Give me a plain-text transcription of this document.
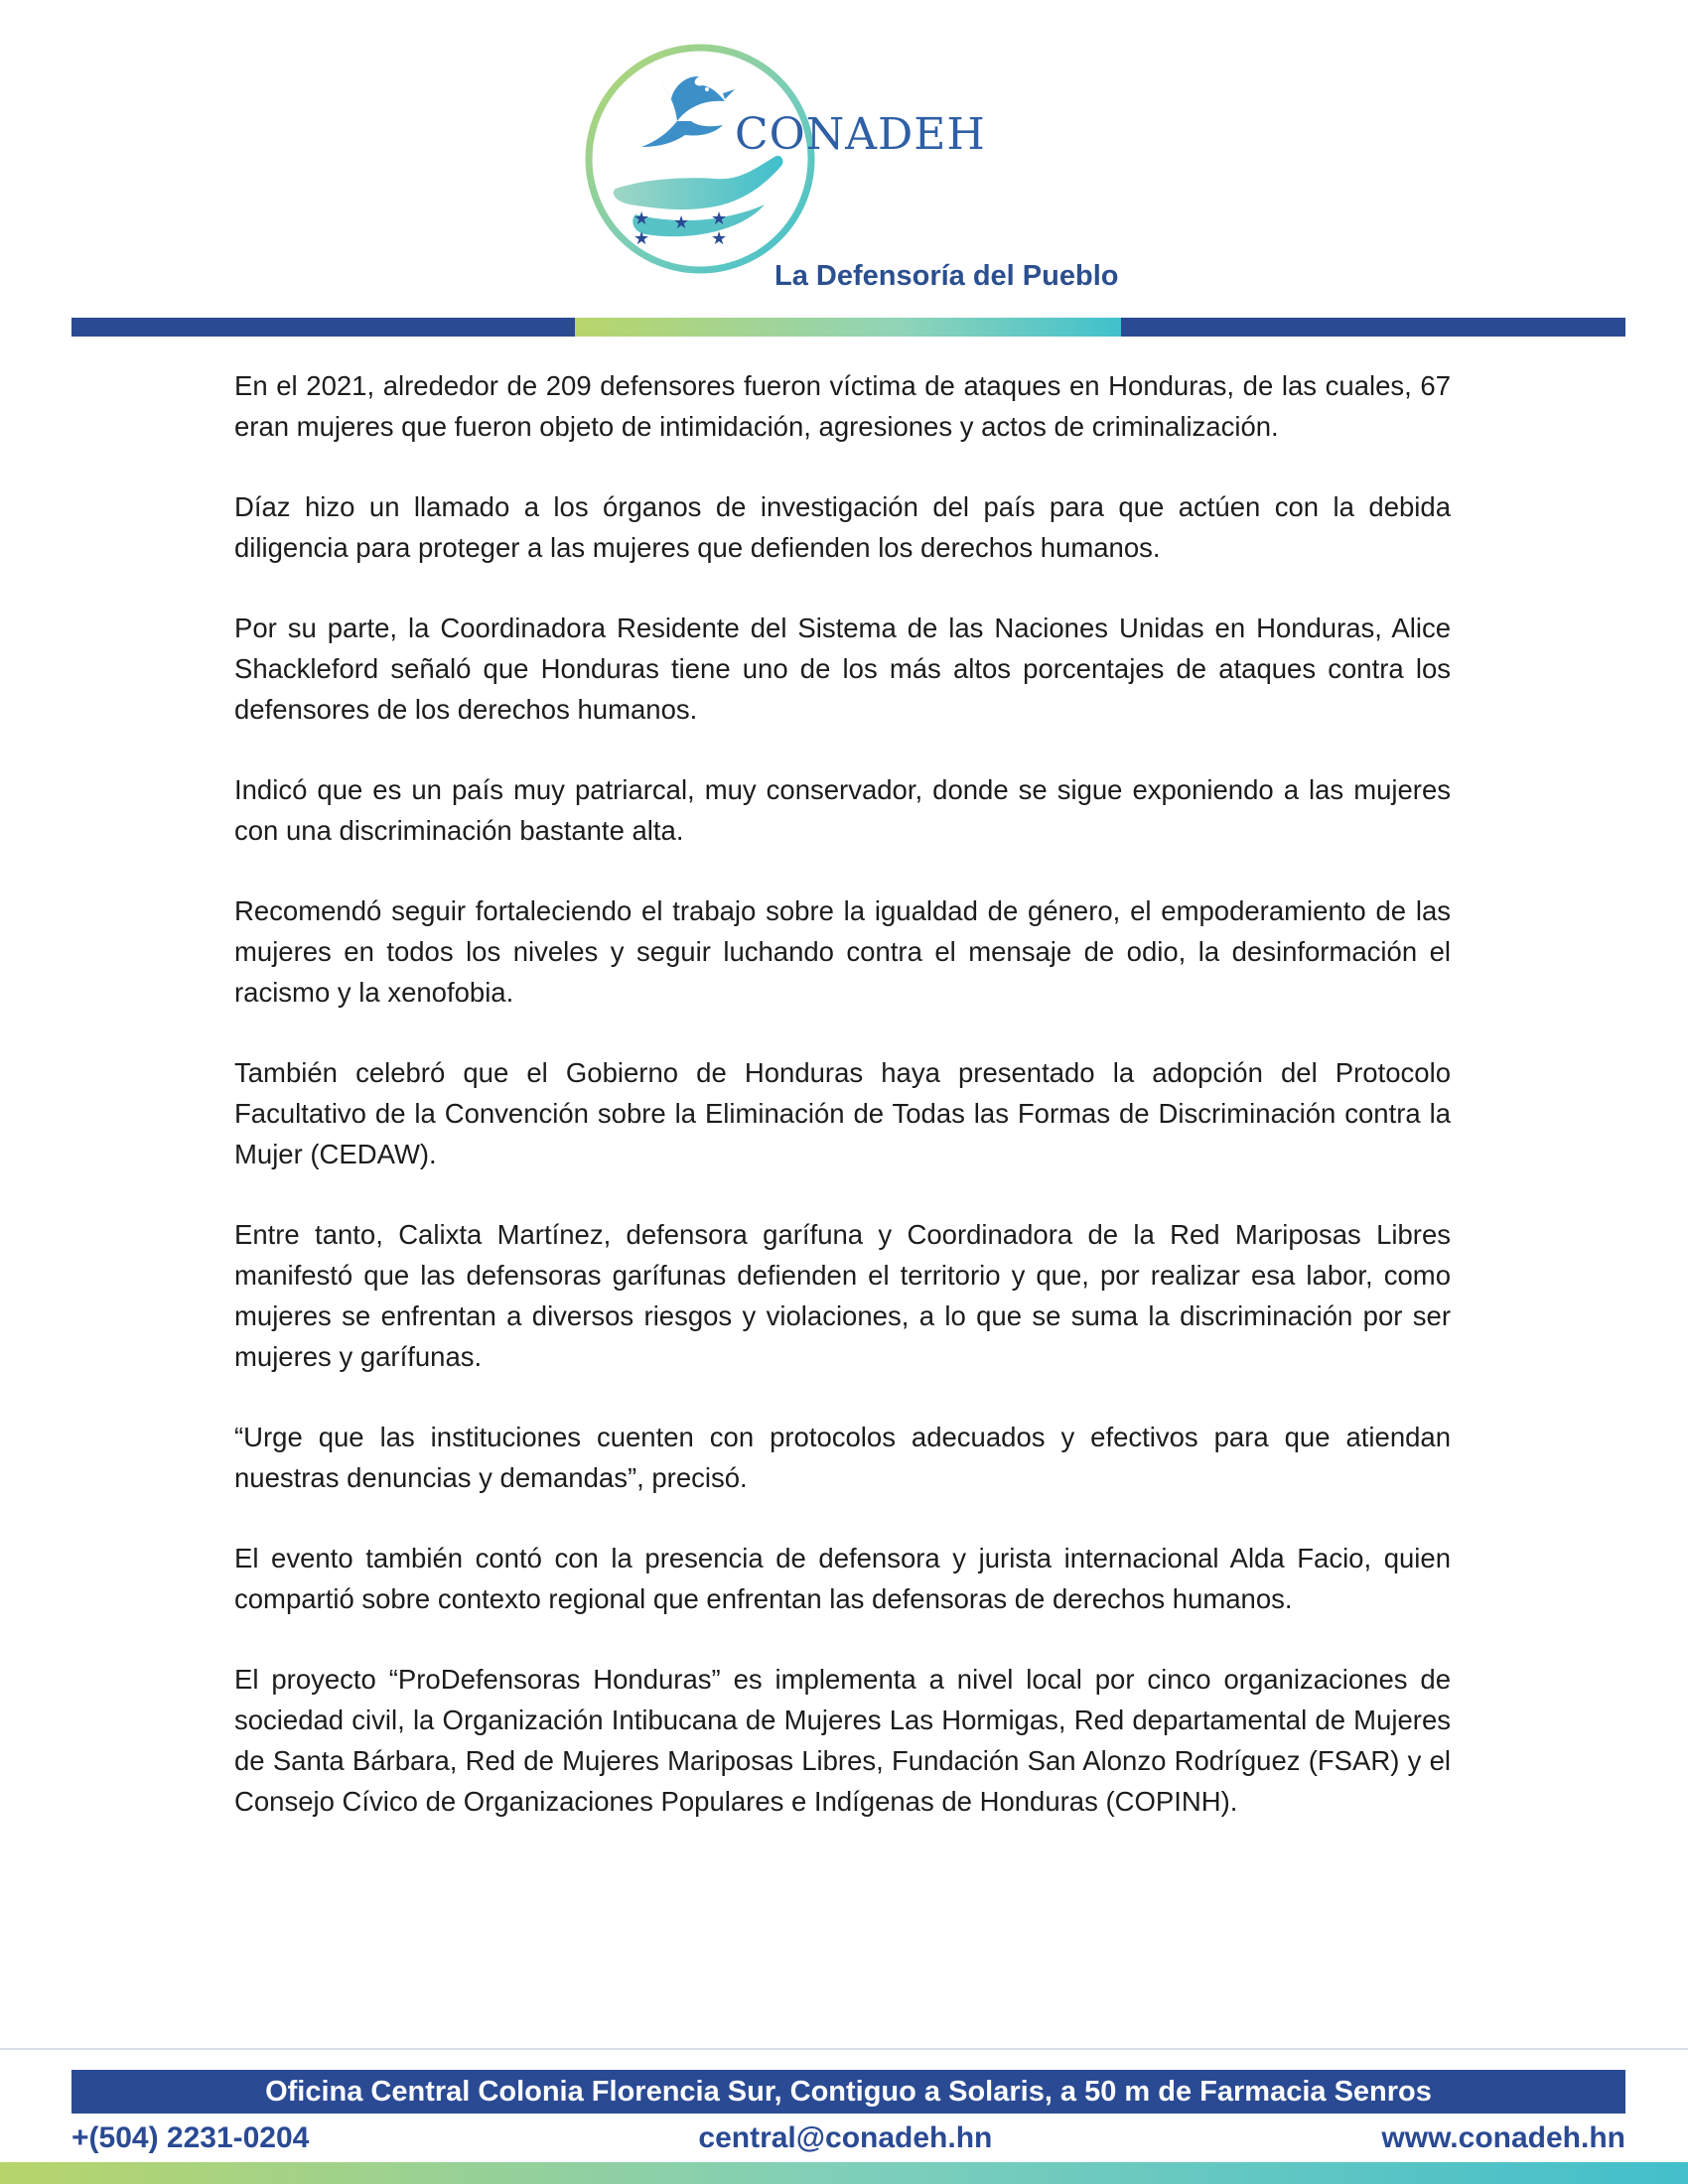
★ ★ ★
★	★
CONADEH
La Defensoría del Pueblo

En el 2021, alrededor de 209 defensores fueron víctima de ataques en Honduras, de las cuales, 67 eran mujeres que fueron objeto de intimidación, agresiones y actos de criminalización.

Díaz hizo un llamado a los órganos de investigación del país para que actúen con la debida diligencia para proteger a las mujeres que defienden los derechos humanos.

Por su parte, la Coordinadora Residente del Sistema de las Naciones Unidas en Honduras, Alice Shackleford señaló que Honduras tiene uno de los más altos porcentajes de ataques contra los defensores de los derechos humanos.

Indicó que es un país muy patriarcal, muy conservador, donde se sigue exponiendo a las mujeres con una discriminación bastante alta.

Recomendó seguir fortaleciendo el trabajo sobre la igualdad de género, el empoderamiento de las mujeres en todos los niveles y seguir luchando contra el mensaje de odio, la desinformación el racismo y la xenofobia.

También celebró que el Gobierno de Honduras haya presentado la adopción del Protocolo Facultativo de la Convención sobre la Eliminación de Todas las Formas de Discriminación contra la Mujer (CEDAW).

Entre tanto, Calixta Martínez, defensora garífuna y Coordinadora de la Red Mariposas Libres manifestó que las defensoras garífunas defienden el territorio y que, por realizar esa labor, como mujeres se enfrentan a diversos riesgos y violaciones, a lo que se suma la discriminación por ser mujeres y garífunas.

“Urge que las instituciones cuenten con protocolos adecuados y efectivos para que atiendan nuestras denuncias y demandas”, precisó.

El evento también contó con la presencia de defensora y jurista internacional Alda Facio, quien compartió sobre contexto regional que enfrentan las defensoras de derechos humanos.

El proyecto “ProDefensoras Honduras” es implementa a nivel local por cinco organizaciones de sociedad civil, la Organización Intibucana de Mujeres Las Hormigas, Red departamental de Mujeres de Santa Bárbara, Red de Mujeres Mariposas Libres, Fundación San Alonzo Rodríguez (FSAR) y el Consejo Cívico de Organizaciones Populares e Indígenas de Honduras (COPINH).

Oficina Central Colonia Florencia Sur, Contiguo a Solaris, a 50 m de Farmacia Senros
+(504) 2231-0204	central@conadeh.hn	www.conadeh.hn
